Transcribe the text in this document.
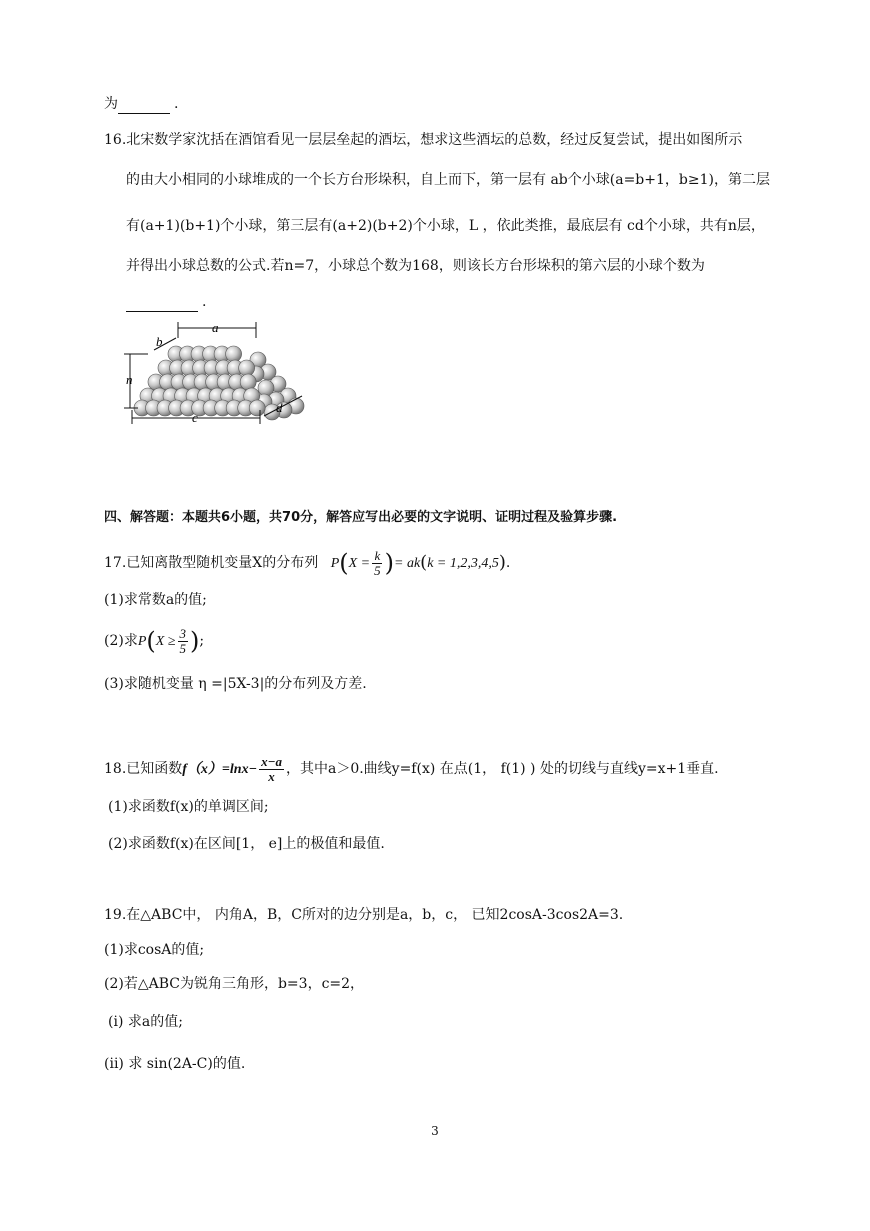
为	.
16.北宋数学家沈括在酒馆看见一层层垒起的酒坛，想求这些酒坛的总数，经过反复尝试，提出如图所示
的由大小相同的小球堆成的一个长方台形垛积，自上而下，第一层有 ab个小球(a=b+1，b≥1)，第二层
有(a+1)(b+1)个小球，第三层有(a+2)(b+2)个小球，L ，依此类推，最底层有 cd个小球，共有n层，
并得出小球总数的公式.若n=7，小球总个数为168，则该长方台形垛积的第六层的小球个数为
.
a
b
n
c
d
四、解答题：本题共6小题，共70分，解答应写出必要的文字说明、证明过程及验算步骤.
17.已知离散型随机变量X的分布列 $P(X = \frac{k}{5}$ )= ak(k = 1,2,3,4,5).
(1)求常数a的值;
(2)求$P(X \ge \frac{3}{5}$ );
(3)求随机变量 η =|5X-3|的分布列及方差.
18.已知函数$f(x)=\ln x- \frac{x-a}{x}$ ，其中a＞0.曲线y=f(x) 在点(1， f(1) ) 处的切线与直线y=x+1垂直.
(1)求函数f(x)的单调区间;
(2)求函数f(x)在区间[1， e]上的极值和最值.
19.在△ABC中， 内角A，B，C所对的边分别是a，b，c， 已知2cosA-3cos2A=3.
(1)求cosA的值;
(2)若△ABC为锐角三角形，b=3，c=2，
(i) 求a的值;
(ii) 求 sin(2A-C)的值.
3
